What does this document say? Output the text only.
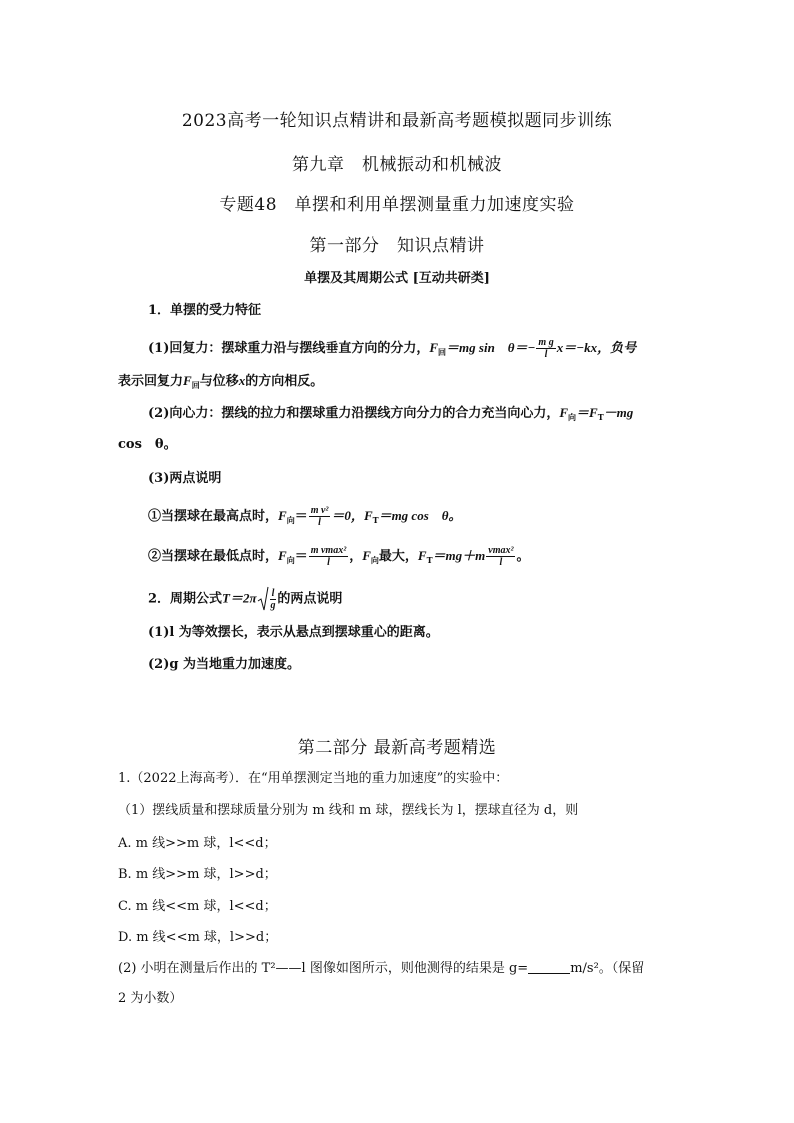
2023高考一轮知识点精讲和最新高考题模拟题同步训练
第九章　机械振动和机械波
专题48　单摆和利用单摆测量重力加速度实验
第一部分　知识点精讲
单摆及其周期公式 [互动共研类]
1．单摆的受力特征
(1)回复力：摆球重力沿与摆线垂直方向的分力，$F_回=mg$ sin　$\theta=- \frac{\text{m g}}{l} x=-kx$，负号
表示回复力$F_回$与位移x的方向相反。
(2)向心力：摆线的拉力和摆球重力沿摆线方向分力的合力充当向心力，$F_向=F_T-mg$
cos　θ。
(3)两点说明
①当摆球在最高点时，$F_向= \frac{\text{m v²}}{l} =0$，$F_T=mg$ cos　θ。
②当摆球在最低点时，$F_向= \frac{\text{m vmax²}}{l}$ ，$F_向$最大，$F_T=mg+m \frac{\text{vmax²}}{l}$ 。
2．周期公式$T=2\pi \frac{l}{g}$ 的两点说明
(1)l 为等效摆长，表示从悬点到摆球重心的距离。
(2)g 为当地重力加速度。
第二部分 最新高考题精选
1.（2022上海高考）．在“用单摆测定当地的重力加速度”的实验中：
（1）摆线质量和摆球质量分别为 m 线和 m 球，摆线长为 l，摆球直径为 d，则
A. m 线>>m 球，l<<d；
B. m 线>>m 球，l>>d；
C. m 线<<m 球，l<<d；
D. m 线<<m 球，l>>d；
(2) 小明在测量后作出的 T²——l 图像如图所示，则他测得的结果是 g=	m/s²。（保留
2 为小数）
